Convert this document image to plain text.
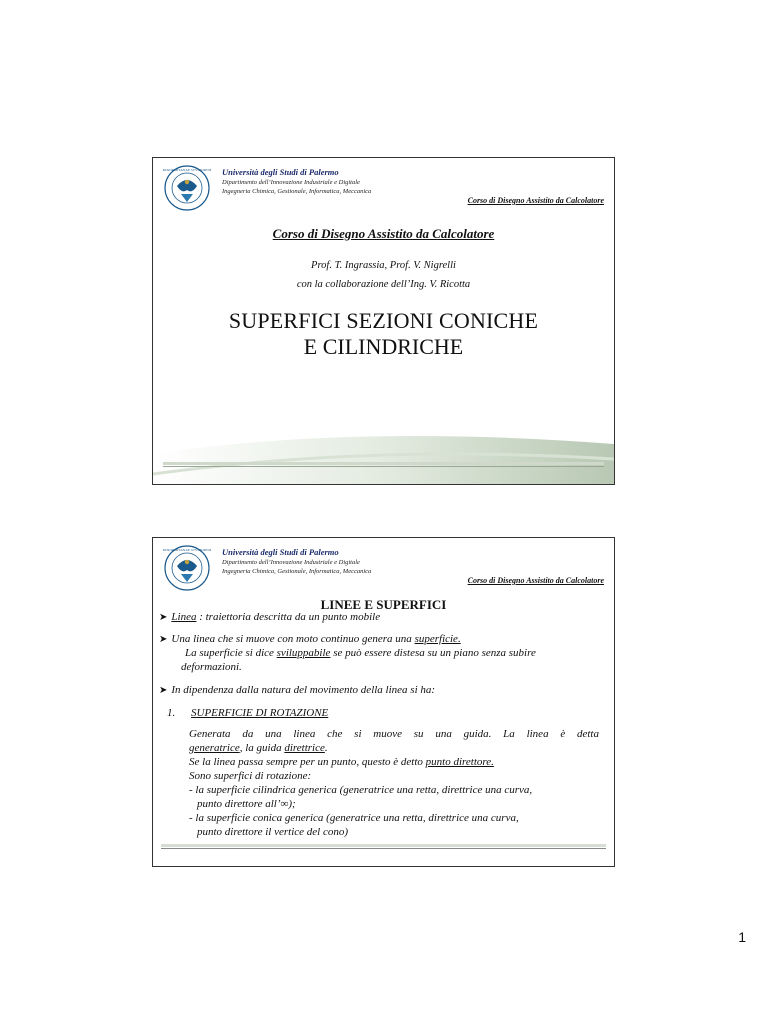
PANORMITANAE STVDIORVM Università degli Studi di Palermo
Dipartimento dell’Innovazione Industriale e Digitale
Ingegneria Chimica, Gestionale, Informatica, Meccanica
Corso di Disegno Assistito da Calcolatore
Corso di Disegno Assistito da Calcolatore
Prof. T. Ingrassia, Prof. V. Nigrelli
con la collaborazione dell’Ing. V. Ricotta
SUPERFICI SEZIONI CONICHE
E CILINDRICHE
PANORMITANAE STVDIORVM Università degli Studi di Palermo
Dipartimento dell’Innovazione Industriale e Digitale
Ingegneria Chimica, Gestionale, Informatica, Meccanica
Corso di Disegno Assistito da Calcolatore
LINEE E SUPERFICI
➤ Linea : traiettoria descritta da un punto mobile
➤ Una linea che si muove con moto continuo genera una superficie.
La superficie si dice sviluppabile se può essere distesa su un piano senza subire
deformazioni.
➤ In dipendenza dalla natura del movimento della linea si ha:
1. SUPERFICIE DI ROTAZIONE
Generata da una linea che si muove su una guida. La linea è detta
generatrice, la guida direttrice.
Se la linea passa sempre per un punto, questo è detto punto direttore.
Sono superfici di rotazione:
- la superficie cilindrica generica (generatrice una retta, direttrice una curva,
punto direttore all’∞);
- la superficie conica generica (generatrice una retta, direttrice una curva,
punto direttore il vertice del cono)
1
